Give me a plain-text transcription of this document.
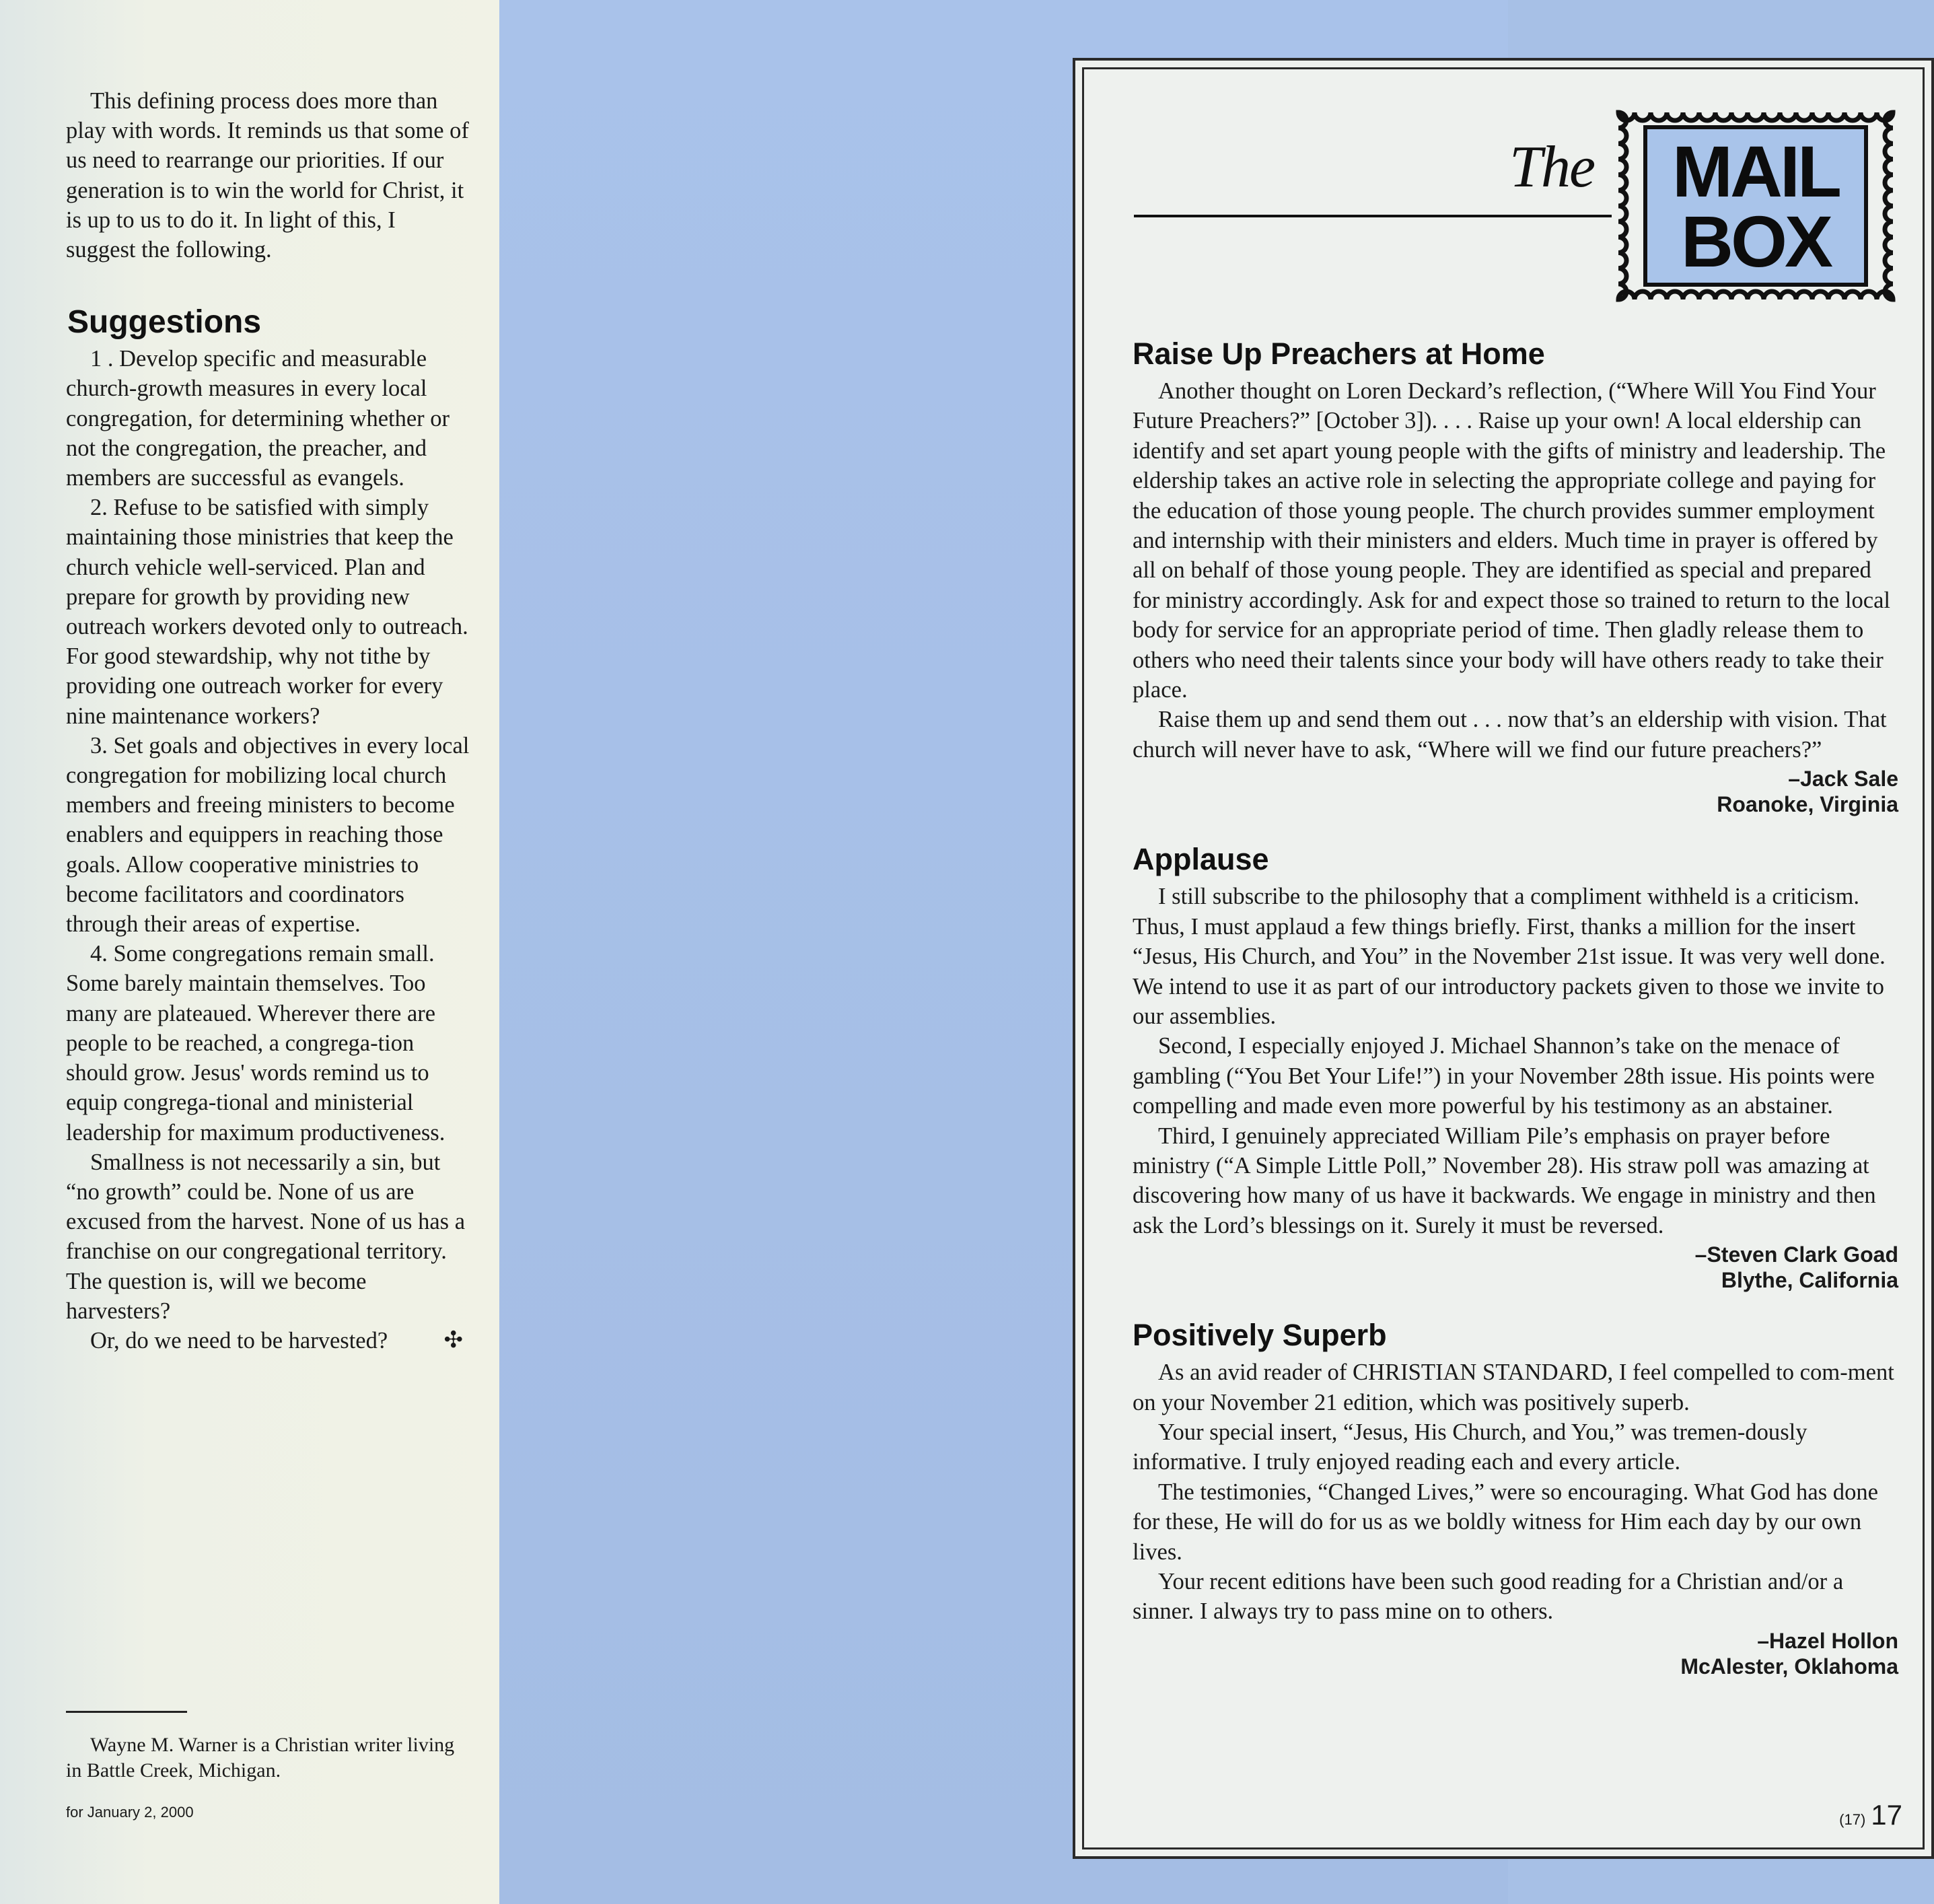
This defining process does more than play with words. It reminds us that some of us need to rearrange our priorities. If our generation is to win the world for Christ, it is up to us to do it. In light of this, I suggest the following.

Suggestions

1 . Develop specific and measurable church-growth measures in every local congregation, for determining whether or not the congregation, the preacher, and members are successful as evangels.

2. Refuse to be satisfied with simply maintaining those ministries that keep the church vehicle well-serviced. Plan and prepare for growth by providing new outreach workers devoted only to outreach. For good stewardship, why not tithe by providing one outreach worker for every nine maintenance workers?

3. Set goals and objectives in every local congregation for mobilizing local church members and freeing ministers to become enablers and equippers in reaching those goals. Allow cooperative ministries to become facilitators and coordinators through their areas of expertise.

4. Some congregations remain small. Some barely maintain themselves. Too many are plateaued. Wherever there are people to be reached, a congrega-tion should grow. Jesus' words remind us to equip congrega-tional and ministerial leadership for maximum productiveness.

Smallness is not necessarily a sin, but “no growth” could be. None of us are excused from the harvest. None of us has a franchise on our congregational territory. The question is, will we become harvesters?

Or, do we need to be harvested?	✣

Wayne M. Warner is a Christian writer living in Battle Creek, Michigan.

for January 2, 2000
The MAIL
BOX
Raise Up Preachers at Home

Another thought on Loren Deckard’s reflection, (“Where Will You Find Your Future Preachers?” [October 3]). . . . Raise up your own! A local eldership can identify and set apart young people with the gifts of ministry and leadership. The eldership takes an active role in selecting the appropriate college and paying for the education of those young people. The church provides summer employment and internship with their ministers and elders. Much time in prayer is offered by all on behalf of those young people. They are identified as special and prepared for ministry accordingly. Ask for and expect those so trained to return to the local body for service for an appropriate period of time. Then gladly release them to others who need their talents since your body will have others ready to take their place.

Raise them up and send them out . . . now that’s an eldership with vision. That church will never have to ask, “Where will we find our future preachers?”

–Jack Sale
Roanoke, Virginia
Applause

I still subscribe to the philosophy that a compliment withheld is a criticism. Thus, I must applaud a few things briefly. First, thanks a million for the insert “Jesus, His Church, and You” in the November 21st issue. It was very well done. We intend to use it as part of our introductory packets given to those we invite to our assemblies.

Second, I especially enjoyed J. Michael Shannon’s take on the menace of gambling (“You Bet Your Life!”) in your November 28th issue. His points were compelling and made even more powerful by his testimony as an abstainer.

Third, I genuinely appreciated William Pile’s emphasis on prayer before ministry (“A Simple Little Poll,” November 28). His straw poll was amazing at discovering how many of us have it backwards. We engage in ministry and then ask the Lord’s blessings on it. Surely it must be reversed.

–Steven Clark Goad
Blythe, California
Positively Superb

As an avid reader of CHRISTIAN STANDARD, I feel compelled to com-ment on your November 21 edition, which was positively superb.

Your special insert, “Jesus, His Church, and You,” was tremen-dously informative. I truly enjoyed reading each and every article.

The testimonies, “Changed Lives,” were so encouraging. What God has done for these, He will do for us as we boldly witness for Him each day by our own lives.

Your recent editions have been such good reading for a Christian and/or a sinner. I always try to pass mine on to others.

–Hazel Hollon
McAlester, Oklahoma
(17) 17
